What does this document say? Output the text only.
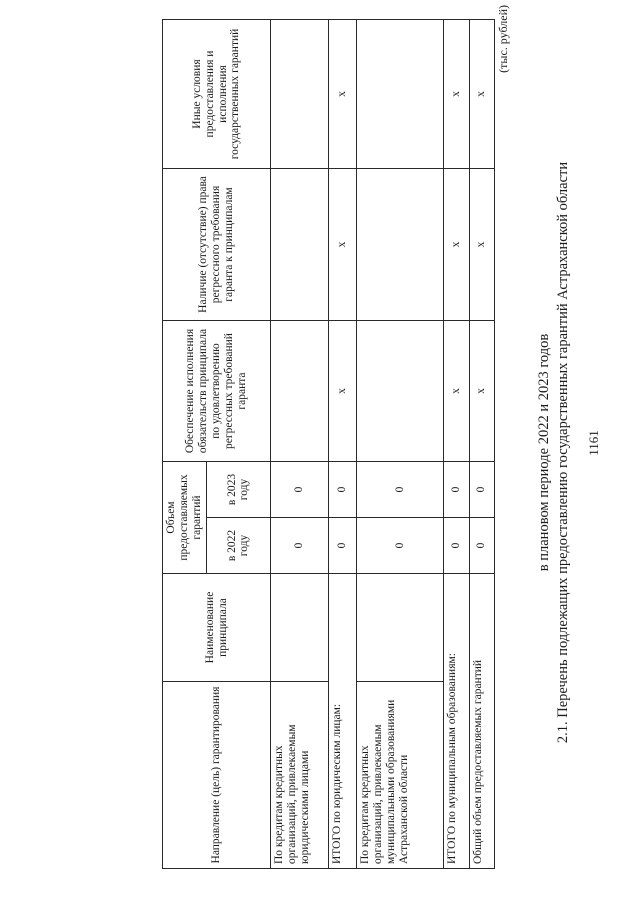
1161
2.1. Перечень подлежащих предоставлению государственных гарантий Астраханской области
в плановом периоде 2022 и 2023 годов
(тыс. рублей)
Направление (цель) гарантирования	Наименование принципала	Объем предоставляемых гарантий		Обеспечение исполнения обязательств принципала по удовлетворению регрессных требований гаранта	Наличие (отсутствие) права регрессного требования гаранта к принципалам	Иные условия предоставления и исполнения государственных гарантий
		в 2022 году	в 2023 году			
По кредитам кредитных организаций, привлекаемым юридическими лицами		0	0			
ИТОГО по юридическим лицам:		0	0	х	х	х
По кредитам кредитных организаций, привлекаемым муниципальными образованиями Астраханской области		0	0			
ИТОГО по муниципальным образованиям:		0	0	х	х	х
Общий объем предоставляемых гарантий		0	0	х	х	х
